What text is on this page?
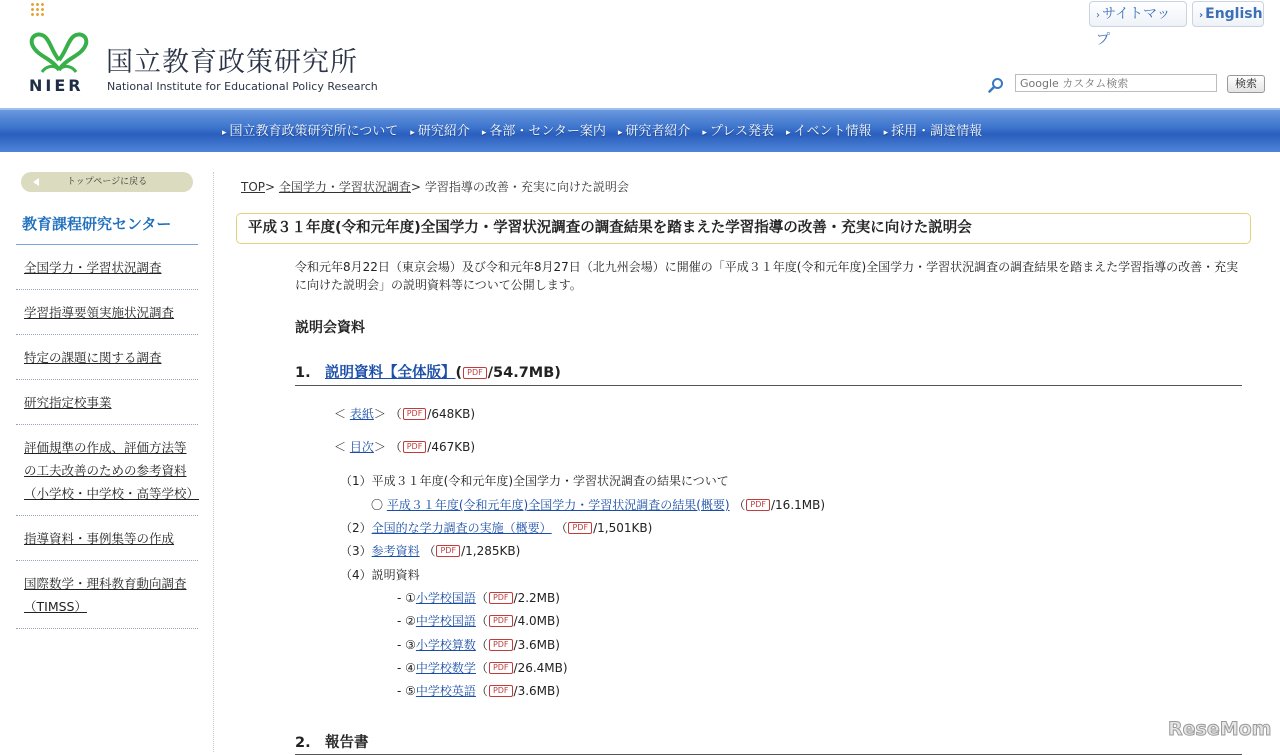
NIER
国立教育政策研究所
National Institute for Educational Policy Research
› サイトマップ
› English
Google カスタム検索
検索
▸ 国立教育政策研究所について ▸ 研究紹介 ▸ 各部・センター案内 ▸ 研究者紹介 ▸ プレス発表 ▸ イベント情報 ▸ 採用・調達情報
トップページに戻る
教育課程研究センター
全国学力・学習状況調査
学習指導要領実施状況調査
特定の課題に関する調査
研究指定校事業
評価規準の作成、評価方法等の工夫改善のための参考資料（小学校・中学校・高等学校）
指導資料・事例集等の作成
国際数学・理科教育動向調査（TIMSS）
TOP> 全国学力・学習状況調査> 学習指導の改善・充実に向けた説明会
平成３１年度(令和元年度)全国学力・学習状況調査の調査結果を踏まえた学習指導の改善・充実に向けた説明会
令和元年8月22日（東京会場）及び令和元年8月27日（北九州会場）に開催の「平成３１年度(令和元年度)全国学力・学習状況調査の調査結果を踏まえた学習指導の改善・充実に向けた説明会」の説明資料等について公開します。
説明会資料
1. 説明資料【全体版】( PDF /54.7MB)
＜ 表紙＞ （ PDF /648KB)
＜ 目次＞ （ PDF /467KB)
（1）平成３１年度(令和元年度)全国学力・学習状況調査の結果について
〇 平成３１年度(令和元年度)全国学力・学習状況調査の結果(概要) （ PDF /16.1MB)
（2）全国的な学力調査の実施（概要） （ PDF /1,501KB)
（3）参考資料 （ PDF /1,285KB)
（4）説明資料
- ①小学校国語（ PDF /2.2MB)
- ②中学校国語（ PDF /4.0MB)
- ③小学校算数（ PDF /3.6MB)
- ④中学校数学（ PDF /26.4MB)
- ⑤中学校英語（ PDF /3.6MB)
2. 報告書
ReseMom
